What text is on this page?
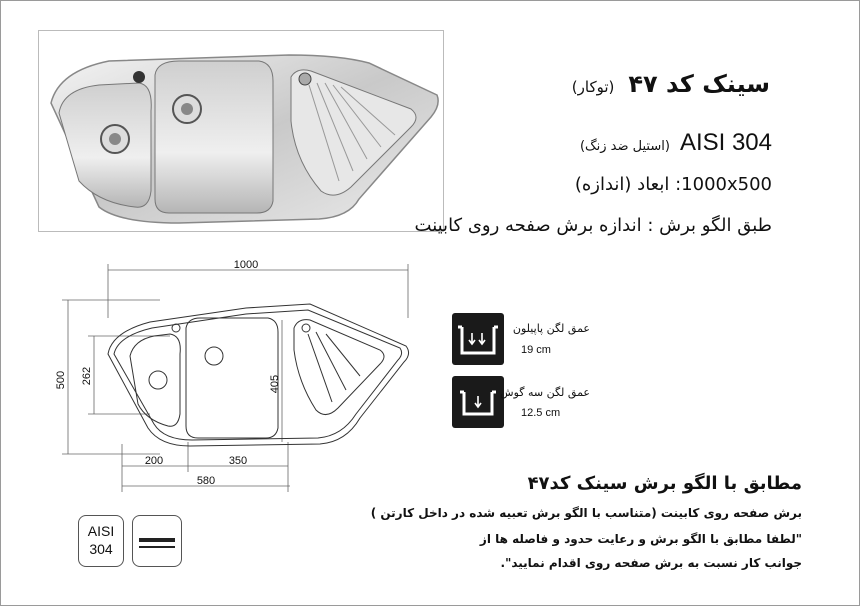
سینک کد ۴۷(توکار)
AISI 304(استیل ضد زنگ)
1000x500: ابعاد (اندازه)
طبق الگو برش : اندازه برش صفحه روی کابینت
1000
500 262	405
200	350
580
عمق لگن پاپیلون
19 cm
عمق لگن سه گوش
12.5 cm
مطابق با الگو برش سینک کد۴۷
برش صفحه روی کابینت (متناسب با الگو برش تعبیه شده در داخل کارتن )
"لطفا مطابق با الگو برش و رعایت حدود و فاصله ها از
جوانب کار نسبت به برش صفحه روی اقدام نمایید".
AISI
304
